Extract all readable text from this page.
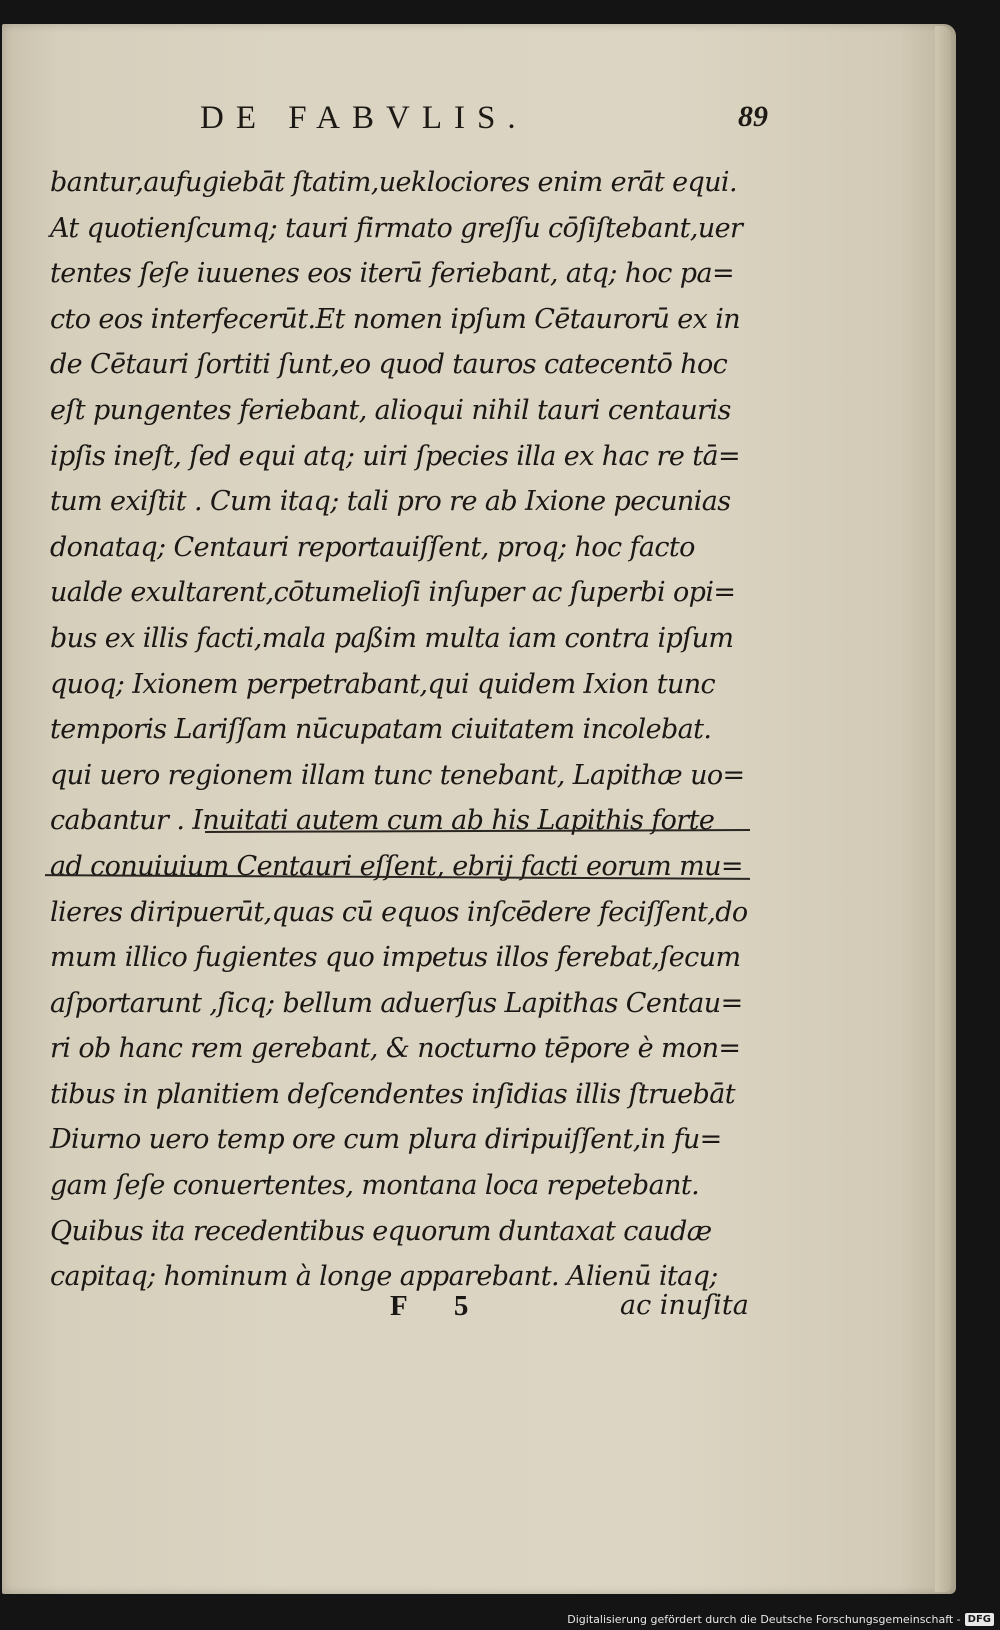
DE FABVLIS.	89
bantur,aufugiebāt ſtatim,ueklociores enim erāt equi.
At quotienſcumq; tauri firmato greſſu cōſiſtebant,uer
tentes ſeſe iuuenes eos iterū feriebant, atq; hoc pa=
cto eos interfecerūt.Et nomen ipſum Cētaurorū ex in
de Cētauri ſortiti ſunt,eo quod tauros catecentō hoc
eſt pungentes feriebant, alioqui nihil tauri centauris
ipſis ineſt, ſed equi atq; uiri ſpecies illa ex hac re tā=
tum exiſtit . Cum itaq; tali pro re ab Ixione pecunias
donataq; Centauri reportauiſſent, proq; hoc facto
ualde exultarent,cōtumelioſi inſuper ac ſuperbi opi=
bus ex illis facti,mala paßim multa iam contra ipſum
quoq; Ixionem perpetrabant,qui quidem Ixion tunc
temporis Lariſſam nūcupatam ciuitatem incolebat.
qui uero regionem illam tunc tenebant, Lapithæ uo=
cabantur . Inuitati autem cum ab his Lapithis forte
ad conuiuium Centauri eſſent, ebrij facti eorum mu=
lieres diripuerūt,quas cū equos inſcēdere feciſſent,do
mum illico fugientes quo impetus illos ferebat,ſecum
aſportarunt ,ſicq; bellum aduerſus Lapithas Centau=
ri ob hanc rem gerebant, & nocturno tēpore è mon=
tibus in planitiem deſcendentes inſidias illis ſtruebāt
Diurno uero temp ore cum plura diripuiſſent,in fu=
gam ſeſe conuertentes, montana loca repetebant.
Quibus ita recedentibus equorum duntaxat caudæ
capitaq; hominum à longe apparebant. Alienū itaq;
F 5	ac inuſita
Digitalisierung gefördert durch die Deutsche Forschungsgemeinschaft - DFG
